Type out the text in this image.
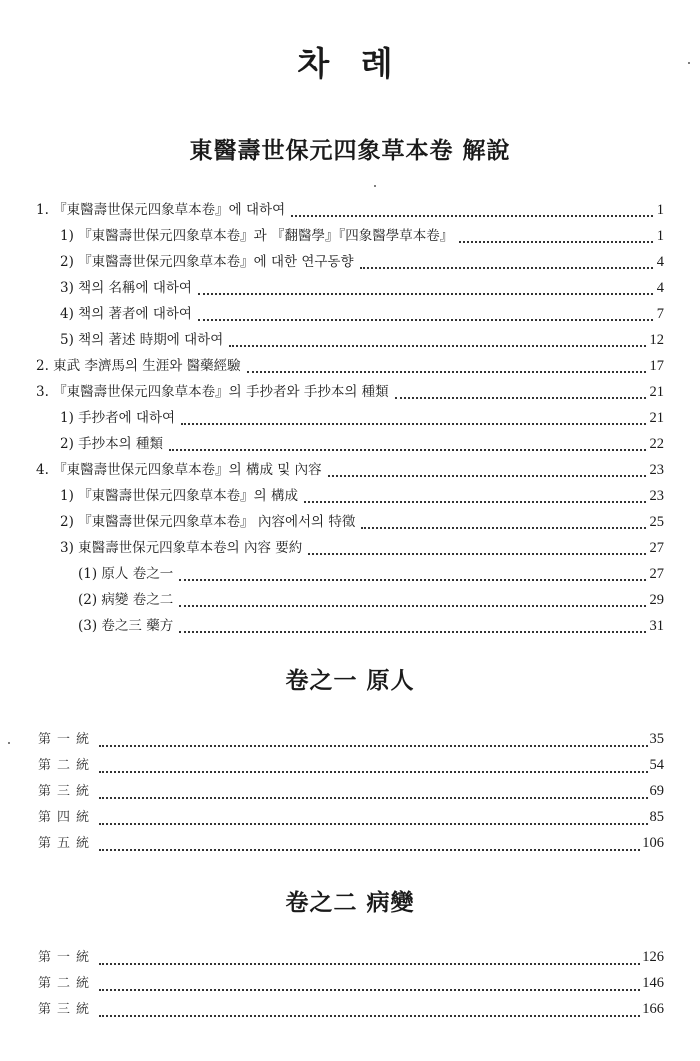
차 례
東醫壽世保元四象草本卷 解說
1. 『東醫壽世保元四象草本卷』에 대하여	1
1) 『東醫壽世保元四象草本卷』과 『翻醫學』『四象醫學草本卷』	1
2) 『東醫壽世保元四象草本卷』에 대한 연구동향	4
3) 책의 名稱에 대하여	4
4) 책의 著者에 대하여	7
5) 책의 著述 時期에 대하여	12
2. 東武 李濟馬의 生涯와 醫藥經驗	17
3. 『東醫壽世保元四象草本卷』의 手抄者와 手抄本의 種類	21
1) 手抄者에 대하여	21
2) 手抄本의 種類	22
4. 『東醫壽世保元四象草本卷』의 構成 및 內容	23
1) 『東醫壽世保元四象草本卷』의 構成	23
2) 『東醫壽世保元四象草本卷』 內容에서의 特徵	25
3) 東醫壽世保元四象草本卷의 內容 要約	27
(1) 原人 卷之一	27
(2) 病變 卷之二	29
(3) 卷之三 藥方	31
卷之一 原人
第一統	35
第二統	54
第三統	69
第四統	85
第五統	106
卷之二 病變
第一統	126
第二統	146
第三統	166
